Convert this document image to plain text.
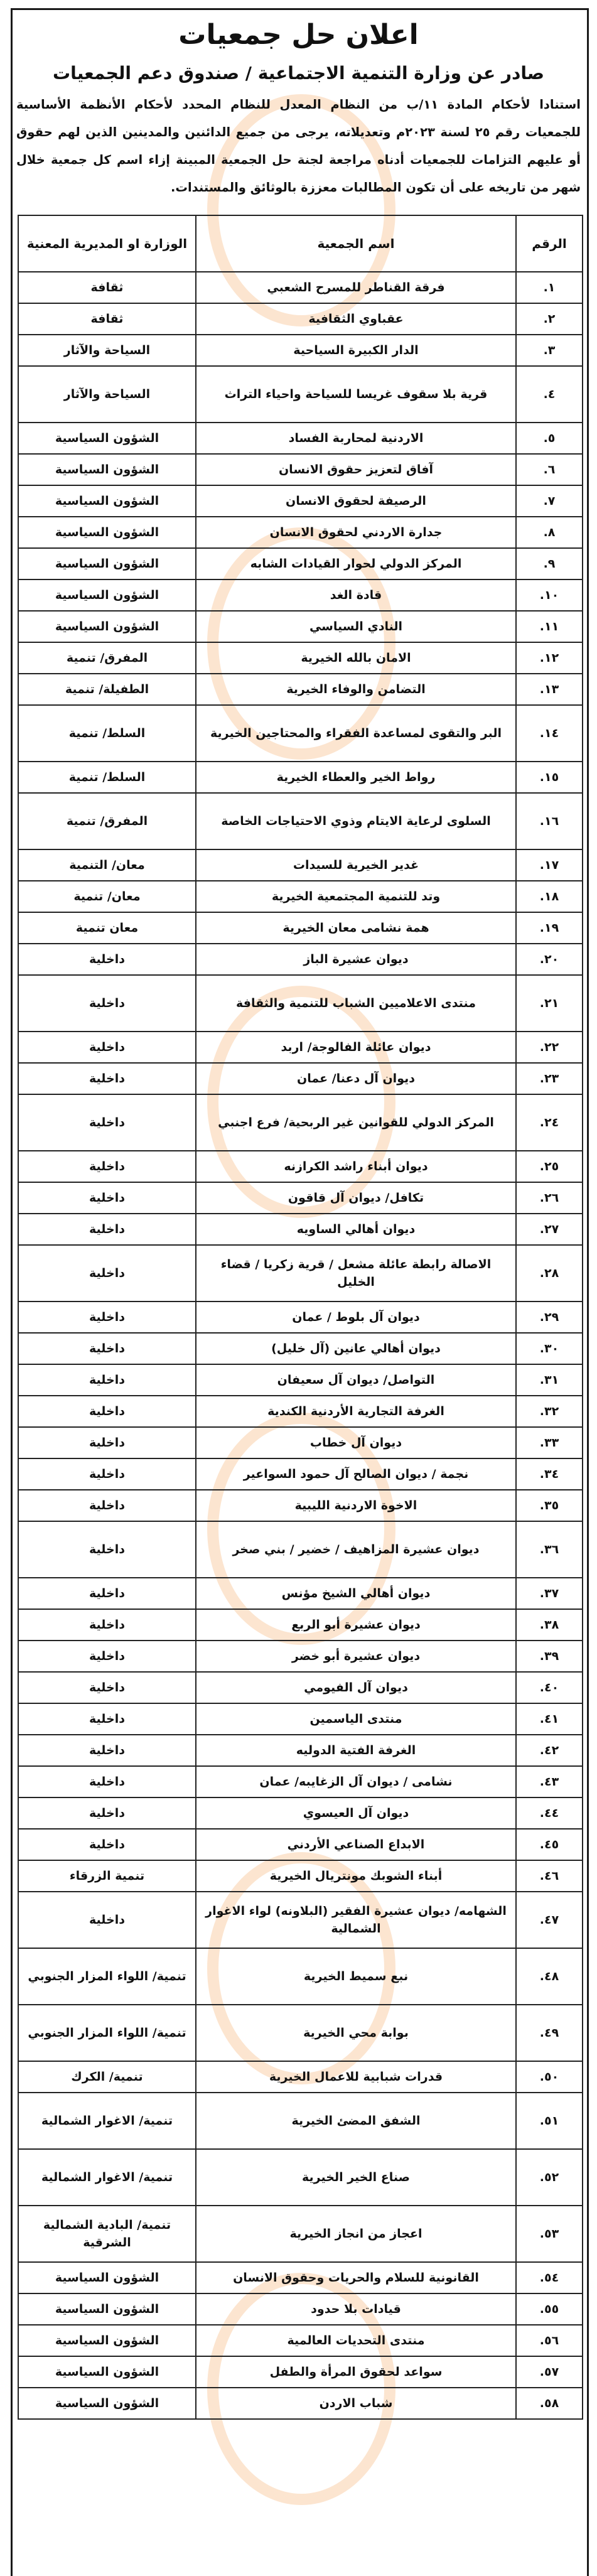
اعلان حل جمعيات
صادر عن وزارة التنمية الاجتماعية / صندوق دعم الجمعيات
استنادا لأحكام المادة ١١/ب من النظام المعدل للنظام المحدد لأحكام الأنظمة الأساسية للجمعيات رقم ٢٥ لسنة ٢٠٢٣م وتعديلاته، يرجى من جميع الدائنين والمدينين الذين لهم حقوق أو عليهم التزامات للجمعيات أدناه مراجعة لجنة حل الجمعية المبينة إزاء اسم كل جمعية خلال شهر من تاريخه على أن تكون المطالبات معززة بالوثائق والمستندات.
الرقم	اسم الجمعية	الوزارة او المديرية المعنية
١.	فرقة القناطر للمسرح الشعبي	ثقافة
٢.	عقباوي الثقافية	ثقافة
٣.	الدار الكبيرة السياحية	السياحة والآثار
٤.	قرية بلا سقوف غريسا للسياحة واحياء التراث	السياحة والآثار
٥.	الاردنية لمحاربة الفساد	الشؤون السياسية
٦.	آفاق لتعزيز حقوق الانسان	الشؤون السياسية
٧.	الرصيفة لحقوق الانسان	الشؤون السياسية
٨.	جدارة الاردني لحقوق الانسان	الشؤون السياسية
٩.	المركز الدولي لحوار القيادات الشابه	الشؤون السياسية
١٠.	قادة الغد	الشؤون السياسية
١١.	النادي السياسي	الشؤون السياسية
١٢.	الامان بالله الخيرية	المفرق/ تنمية
١٣.	التضامن والوفاء الخيرية	الطفيلة/ تنمية
١٤.	البر والتقوى لمساعدة الفقراء والمحتاجين الخيرية	السلط/ تنمية
١٥.	رواط الخير والعطاء الخيرية	السلط/ تنمية
١٦.	السلوى لرعاية الايتام وذوي الاحتياجات الخاصة	المفرق/ تنمية
١٧.	غدير الخيرية للسيدات	معان/ التنمية
١٨.	وتد للتنمية المجتمعية الخيرية	معان/ تنمية
١٩.	همة نشامى معان الخيرية	معان تنمية
٢٠.	ديوان عشيرة الباز	داخلية
٢١.	منتدى الاعلاميين الشباب للتنمية والثقافة	داخلية
٢٢.	ديوان عائلة الفالوجة/ اربد	داخلية
٢٣.	ديوان آل دعنا/ عمان	داخلية
٢٤.	المركز الدولي للقوانين غير الربحية/ فرع اجنبي	داخلية
٢٥.	ديوان أبناء راشد الكرازنه	داخلية
٢٦.	تكافل/ ديوان آل قاقون	داخلية
٢٧.	ديوان أهالي الساويه	داخلية
٢٨.	الاصالة رابطة عائلة مشعل / قرية زكريا / قضاء الخليل	داخلية
٢٩.	ديوان آل بلوط / عمان	داخلية
٣٠.	ديوان أهالي عانين (آل خليل)	داخلية
٣١.	التواصل/ ديوان آل سعيفان	داخلية
٣٢.	الغرفة التجارية الأردنية الكندية	داخلية
٣٣.	ديوان آل خطاب	داخلية
٣٤.	نجمة / ديوان الصالح آل حمود السواعير	داخلية
٣٥.	الاخوة الاردنية الليبية	داخلية
٣٦.	ديوان عشيرة المزاهيف / خضير / بني صخر	داخلية
٣٧.	ديوان أهالي الشيخ مؤنس	داخلية
٣٨.	ديوان عشيرة أبو الربع	داخلية
٣٩.	ديوان عشيرة أبو خضر	داخلية
٤٠.	ديوان آل الفيومي	داخلية
٤١.	منتدى الياسمين	داخلية
٤٢.	الغرفة الفتية الدوليه	داخلية
٤٣.	نشامى / ديوان آل الزغايبه/ عمان	داخلية
٤٤.	ديوان آل العيسوي	داخلية
٤٥.	الابداع الصناعي الأردني	داخلية
٤٦.	أبناء الشوبك مونتريال الخيرية	تنمية الزرقاء
٤٧.	الشهامه/ ديوان عشيرة الفقير (البلاونه) لواء الاغوار الشمالية	داخلية
٤٨.	نبع سميط الخيرية	تنمية/ اللواء المزار الجنوبي
٤٩.	بوابة محي الخيرية	تنمية/ اللواء المزار الجنوبي
٥٠.	قدرات شبابية للاعمال الخيرية	تنمية/ الكرك
٥١.	الشفق المضئ الخيرية	تنمية/ الاغوار الشمالية
٥٢.	صناع الخير الخيرية	تنمية/ الاغوار الشمالية
٥٣.	اعجاز من انجاز الخيرية	تنمية/ البادية الشمالية الشرقية
٥٤.	القانونية للسلام والحريات وحقوق الانسان	الشؤون السياسية
٥٥.	قيادات بلا حدود	الشؤون السياسية
٥٦.	منتدى التحديات العالمية	الشؤون السياسية
٥٧.	سواعد لحقوق المرأة والطفل	الشؤون السياسية
٥٨.	شباب الاردن	الشؤون السياسية
